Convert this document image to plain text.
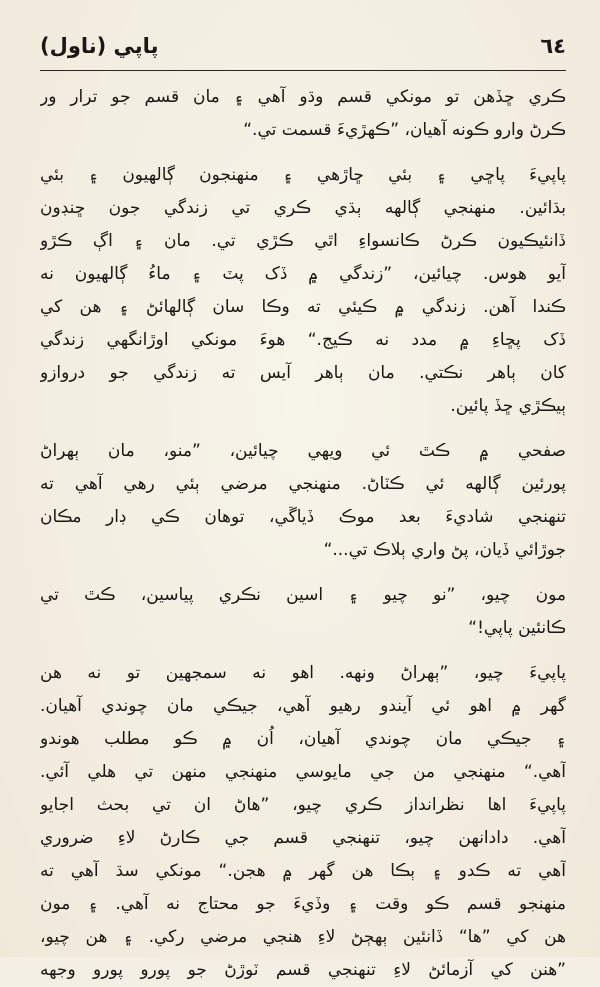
پاپي (ناول)	٦٤
ڪري ڇڏهن تو مونکي قسم وڌو آهي ۽ مان قسم جو ترار ور
ڪرڻ وارو ڪونه آهيان، ”ڪھڙيءَ قسمت تي.“
پاپيءَ پاڇي ۽ بئي ڇاڙهي ۽ منهنجون ڳالهيون ۽ بئي
بڌائين. منهنجي ڳالهه ٻڌي ڪري تي زندگي جون ڇنڊون
ڏانئيڪيون ڪرڻ ڪانسواءِ اٿي ڪڙي تي. مان ۽ اڳ ڪڙو
آيو هوس. چيائين، ”زندگي ۾ ڏک پٽ ۽ ماءُ ڳالهيون نه
ڪندا آهن. زندگي ۾ ڪيئي ته وڪا سان ڳالهائڻ ۽ هن کي
ڏک پڇاءِ ۾ مدد نه ڪيج.“ هوءَ مونکي اوڙانگهي زندگي
کان ٻاهر نڪتي. مان ٻاهر آيس ته زندگي جو دروازو
ٻيڪڙي ڇڏ پائين.
صفحي ۾ ڪٿ ئي ويهي چيائين، ”منو، مان ٻهراڻ
پورئين ڳالهه ئي ڪٽاڻ. منهنجي مرضي ٻئي رهي آهي ته
تنهنجي شاديءَ بعد موڪ ڏياڱي، توهان ڪي ڊار مڪان
جوڙائي ڏيان، پڻ واري ٻلاڪ تي...“
مون چيو، ”نو چيو ۽ اسين نڪري پياسين، ڪٿ تي
ڪانئين پاپي!“
پاپيءَ چيو، ”ٻهراڻ ونهه. اهو نه سمجهين تو نه هن
گهر ۾ اهو ئي آيندو رهيو آهي، جيڪي مان چوندي آهيان.
۽ جيڪي مان چوندي آهيان، اُن ۾ ڪو مطلب هوندو
آهي.“ منهنجي من جي مايوسي منهنجي منهن تي هلي آئي.
پاپيءَ اها نظرانداز ڪري چيو، ”هاڻ ان تي بحث اجايو
آهي. دادانهن چيو، تنهنجي قسم جي ڪارڻ لاءِ ضروري
آهي ته ڪدو ۽ ٻڪا هن گهر ۾ هجن.“ مونکي سڌ آهي ته
منهنجو قسم ڪو وقت ۽ وڏيءَ جو محتاج نه آهي. ۽ مون
هن کي ”ها“ ڏانئين ٻهڄڻ لاءِ هنجي مرضي رکي. ۽ هن چيو،
”هنن کي آزمائڻ لاءِ تنهنجي قسم ٽوڙڻ جو پورو پورو وجهه
